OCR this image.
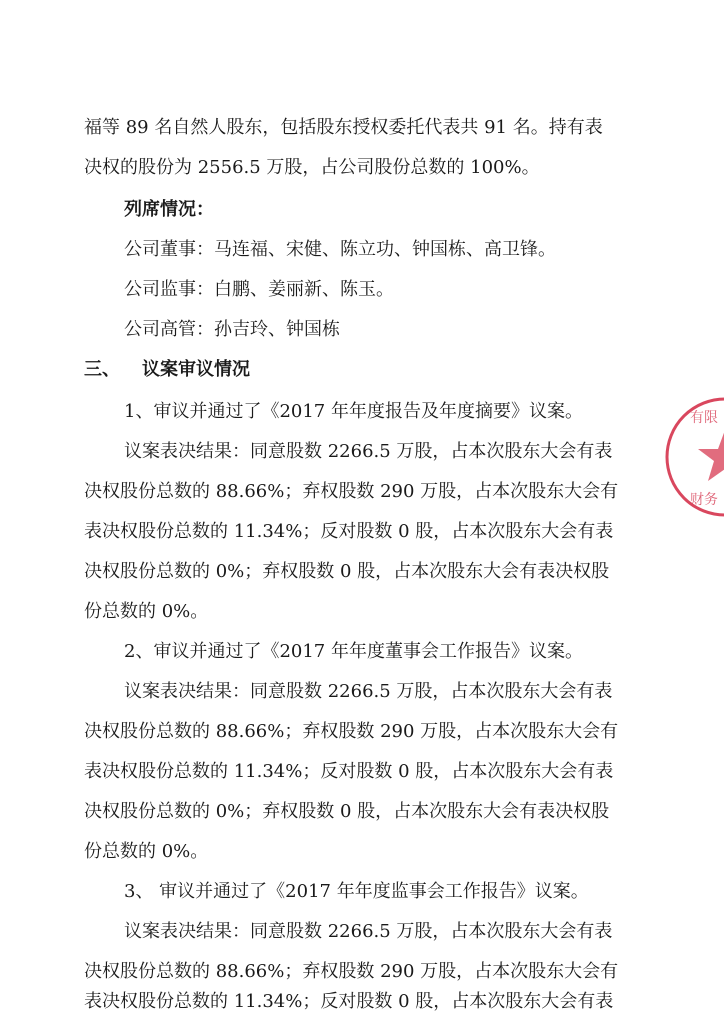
福等 89 名自然人股东，包括股东授权委托代表共 91 名。持有表
决权的股份为 2556.5 万股，占公司股份总数的 100%。
列席情况：
公司董事：马连福、宋健、陈立功、钟国栋、高卫锋。
公司监事：白鹏、姜丽新、陈玉。
公司高管：孙吉玲、钟国栋
三、 议案审议情况
1、审议并通过了《2017 年年度报告及年度摘要》议案。
议案表决结果：同意股数 2266.5 万股，占本次股东大会有表
决权股份总数的 88.66%；弃权股数 290 万股，占本次股东大会有
表决权股份总数的 11.34%；反对股数 0 股，占本次股东大会有表
决权股份总数的 0%；弃权股数 0 股，占本次股东大会有表决权股
份总数的 0%。
2、审议并通过了《2017 年年度董事会工作报告》议案。
议案表决结果：同意股数 2266.5 万股，占本次股东大会有表
决权股份总数的 88.66%；弃权股数 290 万股，占本次股东大会有
表决权股份总数的 11.34%；反对股数 0 股，占本次股东大会有表
决权股份总数的 0%；弃权股数 0 股，占本次股东大会有表决权股
份总数的 0%。
3、 审议并通过了《2017 年年度监事会工作报告》议案。
议案表决结果：同意股数 2266.5 万股，占本次股东大会有表
决权股份总数的 88.66%；弃权股数 290 万股，占本次股东大会有
表决权股份总数的 11.34%；反对股数 0 股，占本次股东大会有表
有限
财务
